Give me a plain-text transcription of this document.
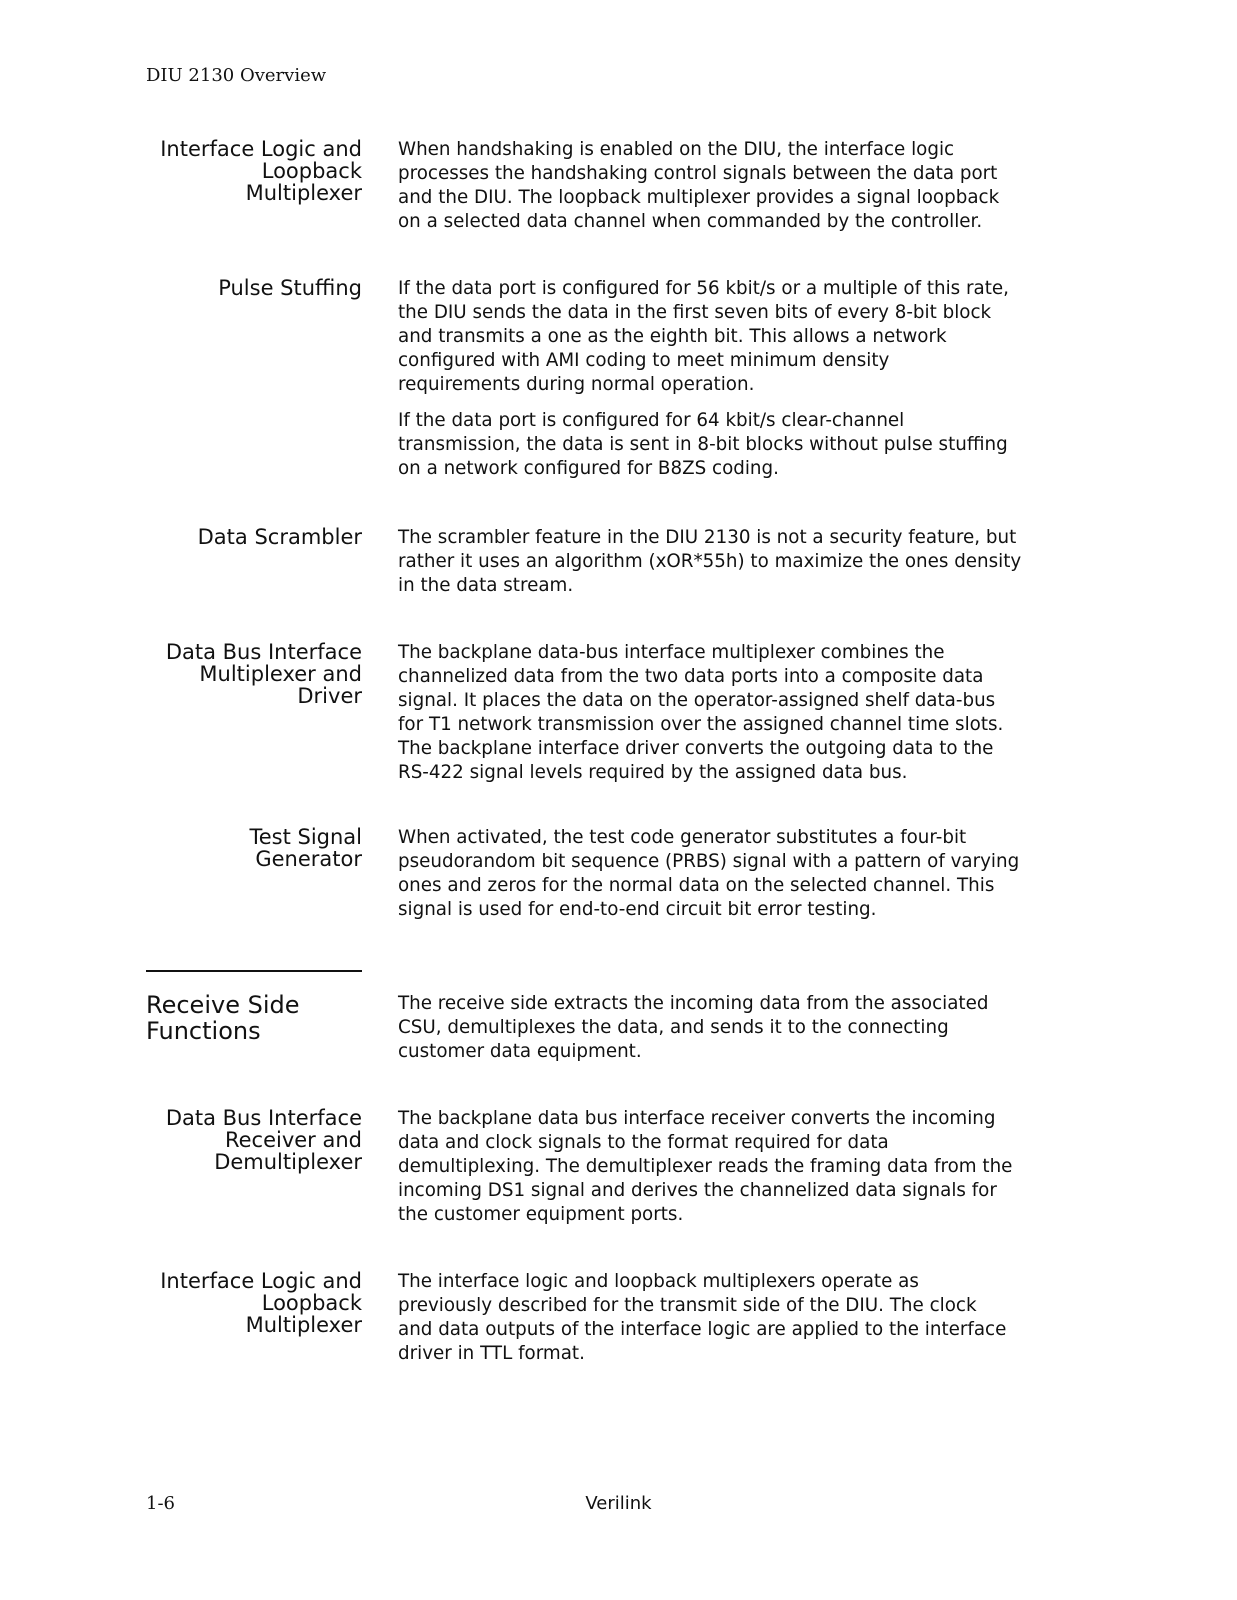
DIU 2130 Overview
Interface Logic and
Loopback
Multiplexer

When handshaking is enabled on the DIU, the interface logic
processes the handshaking control signals between the data port
and the DIU. The loopback multiplexer provides a signal loopback
on a selected data channel when commanded by the controller.

Pulse Stuffing If the data port is configured for 56 kbit/s or a multiple of this rate,
the DIU sends the data in the first seven bits of every 8-bit block
and transmits a one as the eighth bit. This allows a network
configured with AMI coding to meet minimum density
requirements during normal operation.

If the data port is configured for 64 kbit/s clear-channel
transmission, the data is sent in 8-bit blocks without pulse stuffing
on a network configured for B8ZS coding.

Data Scrambler The scrambler feature in the DIU 2130 is not a security feature, but
rather it uses an algorithm (xOR*55h) to maximize the ones density
in the data stream.

Data Bus Interface
Multiplexer and
Driver

The backplane data-bus interface multiplexer combines the
channelized data from the two data ports into a composite data
signal. It places the data on the operator-assigned shelf data-bus
for T1 network transmission over the assigned channel time slots.
The backplane interface driver converts the outgoing data to the
RS-422 signal levels required by the assigned data bus.

Test Signal
Generator

When activated, the test code generator substitutes a four-bit
pseudorandom bit sequence (PRBS) signal with a pattern of varying
ones and zeros for the normal data on the selected channel. This
signal is used for end-to-end circuit bit error testing.

Receive Side
Functions

The receive side extracts the incoming data from the associated
CSU, demultiplexes the data, and sends it to the connecting
customer data equipment.

Data Bus Interface
Receiver and
Demultiplexer

The backplane data bus interface receiver converts the incoming
data and clock signals to the format required for data
demultiplexing. The demultiplexer reads the framing data from the
incoming DS1 signal and derives the channelized data signals for
the customer equipment ports.

Interface Logic and
Loopback
Multiplexer

The interface logic and loopback multiplexers operate as
previously described for the transmit side of the DIU. The clock
and data outputs of the interface logic are applied to the interface
driver in TTL format.

1-6	Verilink
